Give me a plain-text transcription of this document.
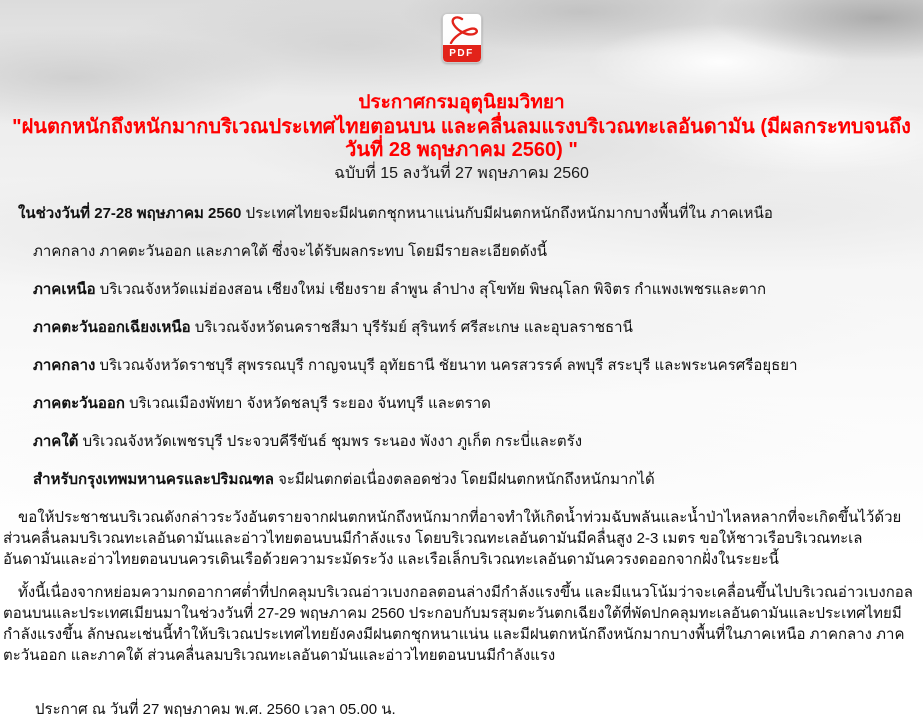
PDF
ประกาศกรมอุตุนิยมวิทยา
"ฝนตกหนักถึงหนักมากบริเวณประเทศไทยตอนบน และคลื่นลมแรงบริเวณทะเลอันดามัน (มีผลกระทบจนถึงวันที่ 28 พฤษภาคม 2560) "
ฉบับที่ 15 ลงวันที่ 27 พฤษภาคม 2560
ในช่วงวันที่ 27-28 พฤษภาคม 2560 ประเทศไทยจะมีฝนตกชุกหนาแน่นกับมีฝนตกหนักถึงหนักมากบางพื้นที่ใน ภาคเหนือ
ภาคกลาง ภาคตะวันออก และภาคใต้ ซึ่งจะได้รับผลกระทบ โดยมีรายละเอียดดังนี้
ภาคเหนือ บริเวณจังหวัดแม่ฮ่องสอน เชียงใหม่ เชียงราย ลำพูน ลำปาง สุโขทัย พิษณุโลก พิจิตร กำแพงเพชรและตาก
ภาคตะวันออกเฉียงเหนือ บริเวณจังหวัดนคราชสีมา บุรีรัมย์ สุรินทร์ ศรีสะเกษ และอุบลราชธานี
ภาคกลาง บริเวณจังหวัดราชบุรี สุพรรณบุรี กาญจนบุรี อุทัยธานี ชัยนาท นครสวรรค์ ลพบุรี สระบุรี และพระนครศรีอยุธยา
ภาคตะวันออก บริเวณเมืองพัทยา จังหวัดชลบุรี ระยอง จันทบุรี และตราด
ภาคใต้ บริเวณจังหวัดเพชรบุรี ประจวบคีรีขันธ์ ชุมพร ระนอง พังงา ภูเก็ต กระบี่และตรัง
สำหรับกรุงเทพมหานครและปริมณฑล จะมีฝนตกต่อเนื่องตลอดช่วง โดยมีฝนตกหนักถึงหนักมากได้
ขอให้ประชาชนบริเวณดังกล่าวระวังอันตรายจากฝนตกหนักถึงหนักมากที่อาจทำให้เกิดน้ำท่วมฉับพลันและน้ำป่าไหลหลากที่จะเกิดขึ้นไว้ด้วย ส่วนคลื่นลมบริเวณทะเลอันดามันและอ่าวไทยตอนบนมีกำลังแรง โดยบริเวณทะเลอันดามันมีคลื่นสูง 2-3 เมตร ขอให้ชาวเรือบริเวณทะเลอันดามันและอ่าวไทยตอนบนควรเดินเรือด้วยความระมัดระวัง และเรือเล็กบริเวณทะเลอันดามันควรงดออกจากฝั่งในระยะนี้
ทั้งนี้เนื่องจากหย่อมความกดอากาศต่ำที่ปกคลุมบริเวณอ่าวเบงกอลตอนล่างมีกำลังแรงขึ้น และมีแนวโน้มว่าจะเคลื่อนขึ้นไปบริเวณอ่าวเบงกอลตอนบนและประเทศเมียนมาในช่วงวันที่ 27-29 พฤษภาคม 2560 ประกอบกับมรสุมตะวันตกเฉียงใต้ที่พัดปกคลุมทะเลอันดามันและประเทศไทยมีกำลังแรงขึ้น ลักษณะเช่นนี้ทำให้บริเวณประเทศไทยยังคงมีฝนตกชุกหนาแน่น และมีฝนตกหนักถึงหนักมากบางพื้นที่ในภาคเหนือ ภาคกลาง ภาคตะวันออก และภาคใต้ ส่วนคลื่นลมบริเวณทะเลอันดามันและอ่าวไทยตอนบนมีกำลังแรง
ประกาศ ณ วันที่ 27 พฤษภาคม พ.ศ. 2560 เวลา 05.00 น.
